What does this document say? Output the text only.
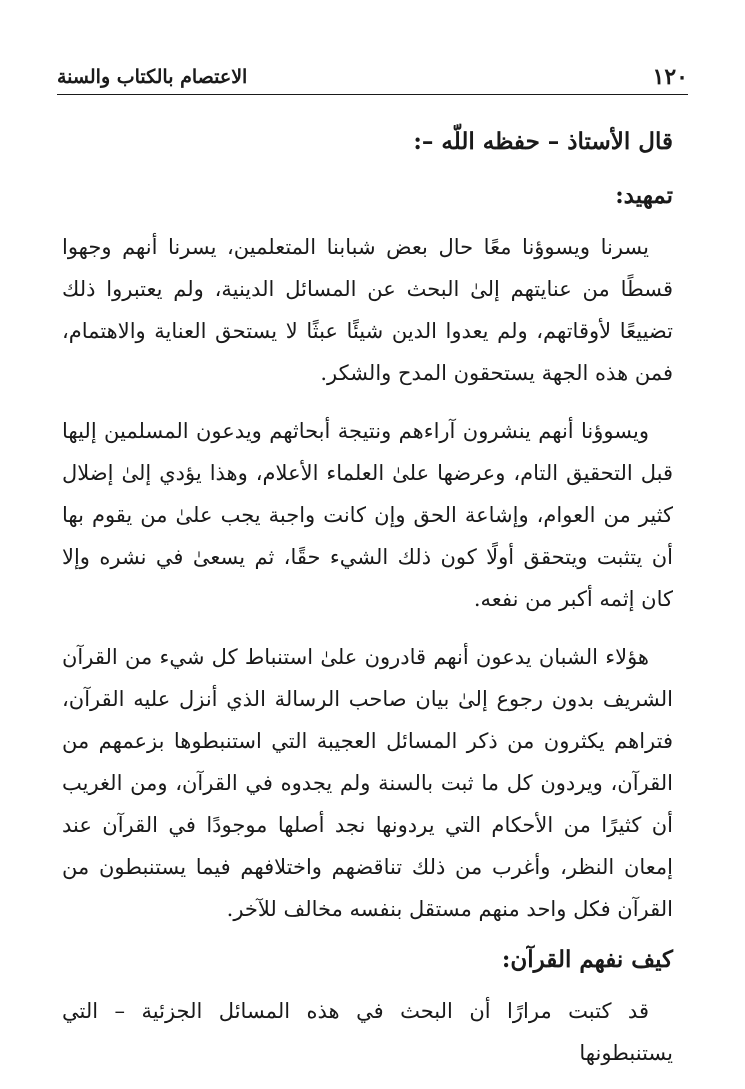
١٢٠
الاعتصام بالكتاب والسنة

قال الأستاذ – حفظه اللّه –:

تمهيد:

يسرنا ويسوؤنا معًا حال بعض شبابنا المتعلمين، يسرنا أنهم وجهوا قسطًا من عنايتهم إلىٰ البحث عن المسائل الدينية، ولم يعتبروا ذلك تضييعًا لأوقاتهم، ولم يعدوا الدين شيئًا عبثًا لا يستحق العناية والاهتمام، فمن هذه الجهة يستحقون المدح والشكر.

ويسوؤنا أنهم ينشرون آراءهم ونتيجة أبحاثهم ويدعون المسلمين إليها قبل التحقيق التام، وعرضها علىٰ العلماء الأعلام، وهذا يؤدي إلىٰ إضلال كثير من العوام، وإشاعة الحق وإن كانت واجبة يجب علىٰ من يقوم بها أن يتثبت ويتحقق أولًا كون ذلك الشيء حقًا، ثم يسعىٰ في نشره وإلا كان إثمه أكبر من نفعه.

هؤلاء الشبان يدعون أنهم قادرون علىٰ استنباط كل شيء من القرآن الشريف بدون رجوع إلىٰ بيان صاحب الرسالة الذي أنزل عليه القرآن، فتراهم يكثرون من ذكر المسائل العجيبة التي استنبطوها بزعمهم من القرآن، ويردون كل ما ثبت بالسنة ولم يجدوه في القرآن، ومن الغريب أن كثيرًا من الأحكام التي يردونها نجد أصلها موجودًا في القرآن عند إمعان النظر، وأغرب من ذلك تناقضهم واختلافهم فيما يستنبطون من القرآن فكل واحد منهم مستقل بنفسه مخالف للآخر.

كيف نفهم القرآن:

قد كتبت مرارًا أن البحث في هذه المسائل الجزئية – التي يستنبطونها
